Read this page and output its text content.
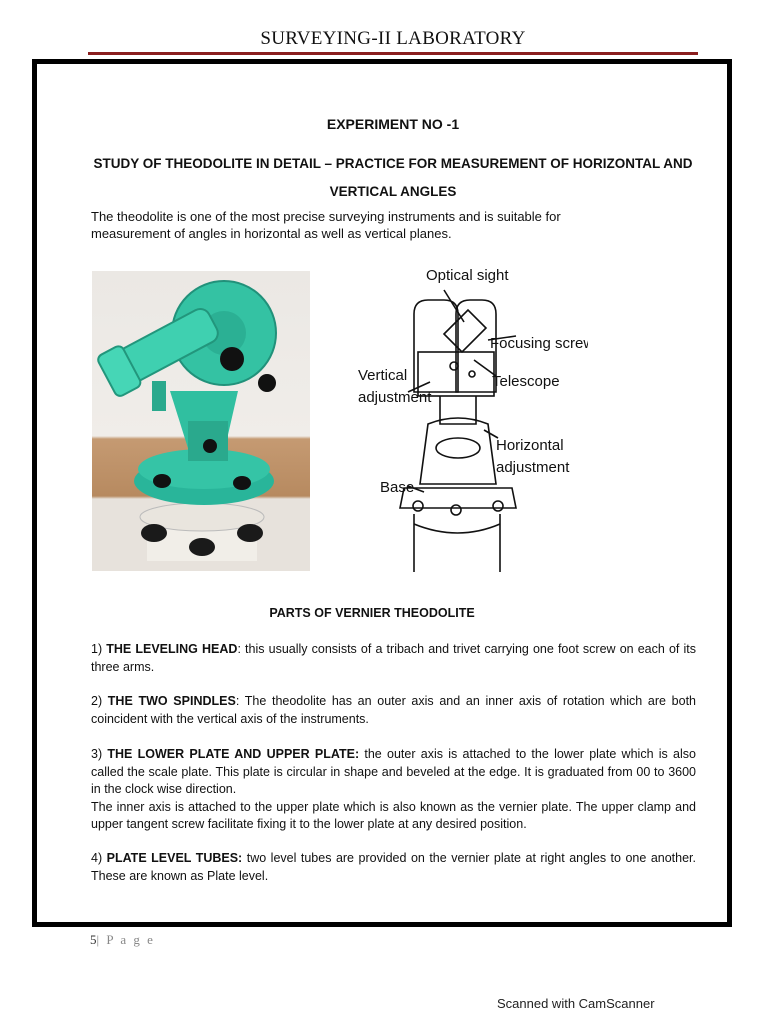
SURVEYING-II LABORATORY
EXPERIMENT NO -1
STUDY OF THEODOLITE IN DETAIL – PRACTICE FOR MEASUREMENT OF HORIZONTAL AND VERTICAL ANGLES
The theodolite is one of the most precise surveying instruments and is suitable for measurement of angles in horizontal as well as vertical planes.
Optical sight
Focusing screw
Vertical
adjustment
Telescope
Horizontal
adjustment
Base
PARTS OF VERNIER THEODOLITE
1) THE LEVELING HEAD: this usually consists of a tribach and trivet carrying one foot screw on each of its three arms.
2) THE TWO SPINDLES: The theodolite has an outer axis and an inner axis of rotation which are both coincident with the vertical axis of the instruments.
3) THE LOWER PLATE AND UPPER PLATE: the outer axis is attached to the lower plate which is also called the scale plate. This plate is circular in shape and beveled at the edge. It is graduated from 00 to 3600 in the clock wise direction.
The inner axis is attached to the upper plate which is also known as the vernier plate. The upper clamp and upper tangent screw facilitate fixing it to the lower plate at any desired position.
4) PLATE LEVEL TUBES: two level tubes are provided on the vernier plate at right angles to one another. These are known as Plate level.
5| P a g e
Scanned with CamScanner
